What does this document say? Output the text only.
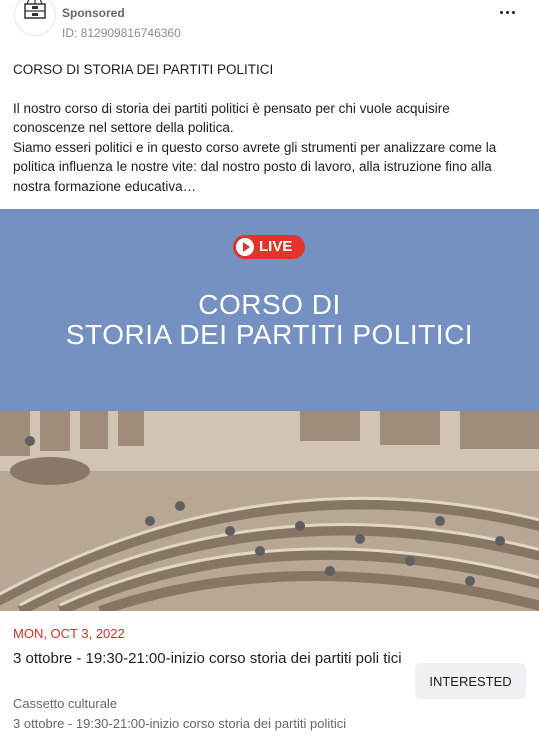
Sponsored
ID: 812909816746360

CORSO DI STORIA DEI PARTITI POLITICI

Il nostro corso di storia dei partiti politici è pensato per chi vuole acquisire conoscenze nel settore della politica.

Siamo esseri politici e in questo corso avrete gli strumenti per analizzare come la politica influenza le nostre vite: dal nostro posto di lavoro, alla istruzione fino alla nostra formazione educativa…

LIVE
CORSO DI
STORIA DEI PARTITI POLITICI
MON, OCT 3, 2022
3 ottobre - 19:30-21:00-inizio corso storia dei partiti poli tici
Cassetto culturale
3 ottobre - 19:30-21:00-inizio corso storia dei partiti politici
INTERESTED
